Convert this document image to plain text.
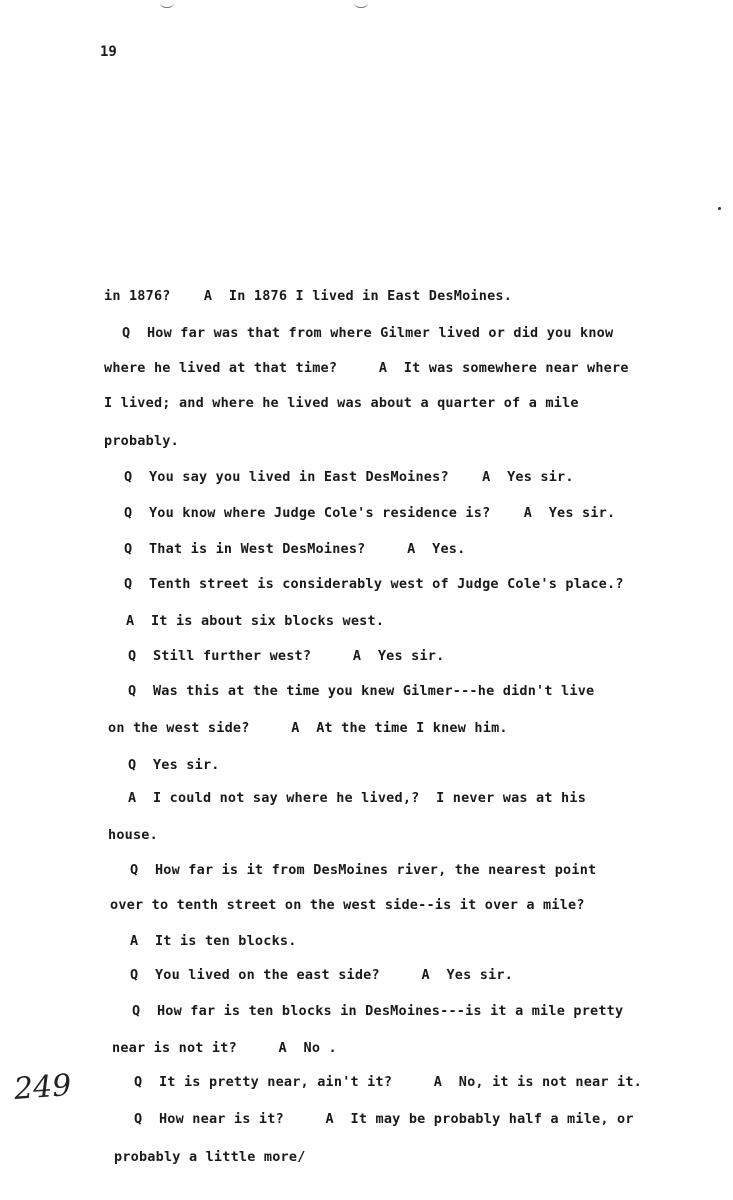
19
in 1876?    A  In 1876 I lived in East DesMoines.
Q  How far was that from where Gilmer lived or did you know
where he lived at that time?     A  It was somewhere near where
I lived; and where he lived was about a quarter of a mile
probably.
Q  You say you lived in East DesMoines?    A  Yes sir.
Q  You know where Judge Cole's residence is?    A  Yes sir.
Q  That is in West DesMoines?     A  Yes.
Q  Tenth street is considerably west of Judge Cole's place.?
A  It is about six blocks west.
Q  Still further west?     A  Yes sir.
Q  Was this at the time you knew Gilmer---he didn't live
on the west side?     A  At the time I knew him.
Q  Yes sir.
A  I could not say where he lived,?  I never was at his
house.
Q  How far is it from DesMoines river, the nearest point
over to tenth street on the west side--is it over a mile?
A  It is ten blocks.
Q  You lived on the east side?     A  Yes sir.
Q  How far is ten blocks in DesMoines---is it a mile pretty
near is not it?     A  No .
Q  It is pretty near, ain't it?     A  No, it is not near it.
Q  How near is it?     A  It may be probably half a mile, or
probably a little more/
249
